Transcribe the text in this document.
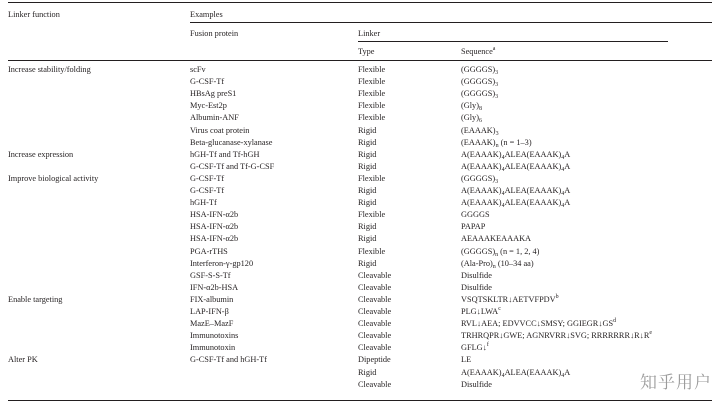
Linker function	Examples
Fusion protein	Linker
Type	Sequence$^a$
Increase stability/folding	scFv	Flexible	$(GGGGS)_3$
G-CSF-Tf	Flexible	$(GGGGS)_3$
HBsAg preS1	Flexible	$(GGGGS)_3$
Myc-Est2p	Flexible	$(Gly)_8$
Albumin-ANF	Flexible	$(Gly)_6$
Virus coat protein	Rigid	$(EAAAK)_3$
Beta-glucanase-xylanase	Rigid	$(EAAAK)_n$ (n = 1–3)
Increase expression	hGH-Tf and Tf-hGH	Rigid	$A(EAAAK)_4ALEA(EAAAK)_4A$
G-CSF-Tf and Tf-G-CSF	Rigid	$A(EAAAK)_4ALEA(EAAAK)_4A$
Improve biological activity	G-CSF-Tf	Flexible	$(GGGGS)_3$
G-CSF-Tf	Rigid	$A(EAAAK)_4ALEA(EAAAK)_4A$
hGH-Tf	Rigid	$A(EAAAK)_4ALEA(EAAAK)_4A$
HSA-IFN-α2b	Flexible	GGGGS
HSA-IFN-α2b	Rigid	PAPAP
HSA-IFN-α2b	Rigid	AEAAAKEAAAKA
PGA-rTHS	Flexible	$(GGGGS)_n$ (n = 1, 2, 4)
Interferon-γ-gp120	Rigid	$(Ala-Pro)_n$ (10–34 aa)
GSF-S-S-Tf	Cleavable	Disulfide
IFN-α2b-HSA	Cleavable	Disulfide
Enable targeting	FIX-albumin	Cleavable	VSQTSKLTR↓AETVFPDV$^b$
LAP-IFN-β	Cleavable	PLG↓LWA$^c$
MazE–MazF	Cleavable	RVL↓AEA; EDVVCC↓SMSY; $GGIEGR↓GS^d$
Immunotoxins	Cleavable	TRHRQPR↓GWE; AGNRVRR↓SVG; $RRRRRRR↓R↓R^e$
Immunotoxin	Cleavable	GFLG↓$^f$
Alter PK	G-CSF-Tf and hGH-Tf	Dipeptide	LE
Rigid	$A(EAAAK)_4ALEA(EAAAK)_4A$
Cleavable	Disulfide	知乎用户
